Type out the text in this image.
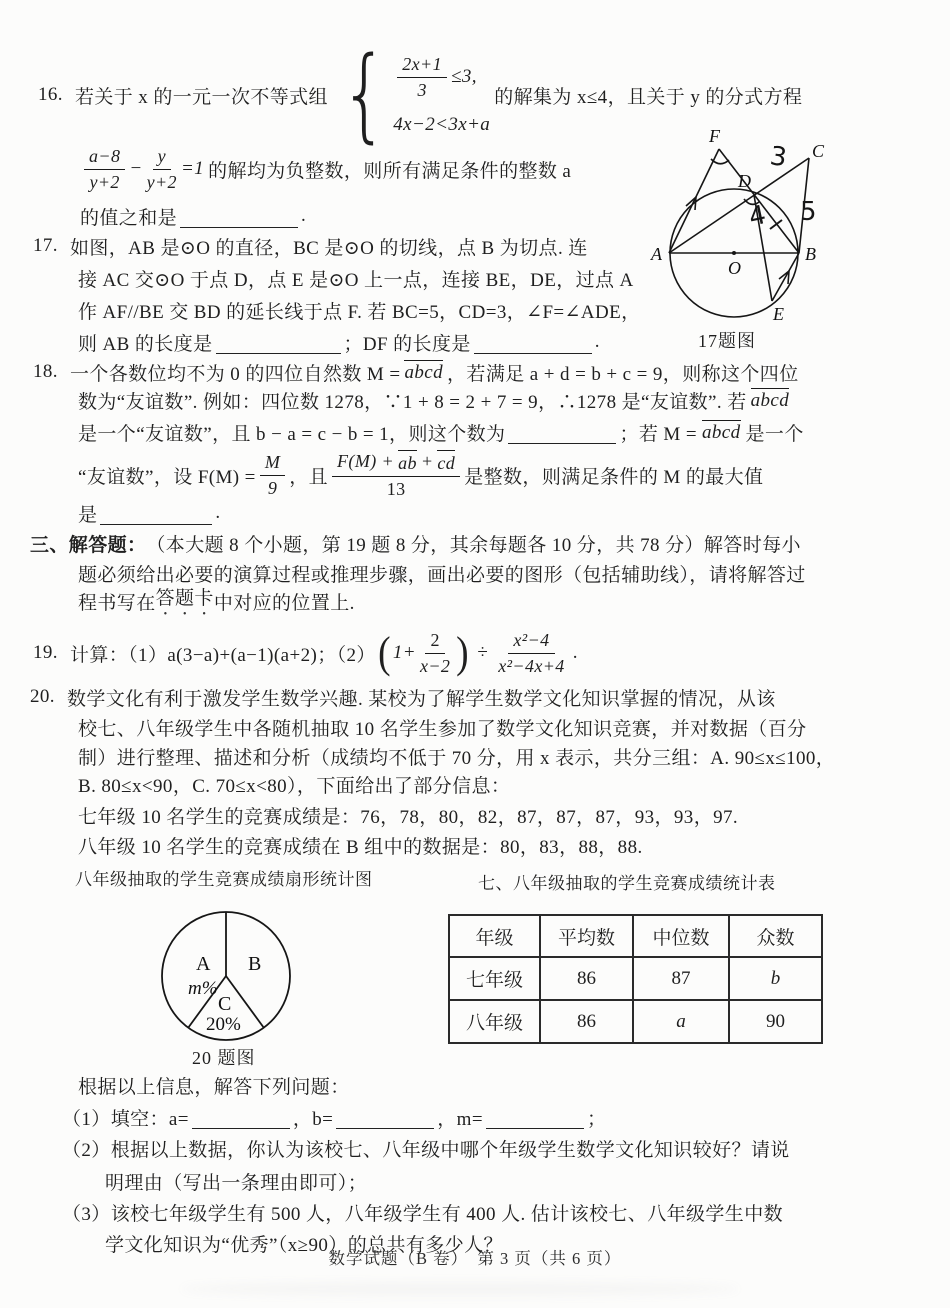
16. 若关于 x 的一元一次不等式组 { $\frac{2x+1}{3} \le 3$,
4x−2<3x+a
的解集为 x≤4，且关于 y 的分式方程
a−8
y+2
− $\frac{y}{y+2} =1$ 的解均为负整数，则所有满足条件的整数 a
的值之和是	.
17. 如图，AB 是⊙O 的直径，BC 是⊙O 的切线，点 B 为切点. 连
接 AC 交⊙O 于点 D，点 E 是⊙O 上一点，连接 BE，DE，过点 A
作 AF//BE 交 BD 的延长线于点 F. 若 BC=5，CD=3，∠F=∠ADE，
则 AB 的长度是	；DF 的长度是	.
A	B
C
D
E
F
O
3
4 5
17题图
18. 一个各数位均不为 0 的四位自然数 M = abcd ，若满足 a + d = b + c = 9，则称这个四位
数为“友谊数”. 例如：四位数 1278，∵1 + 8 = 2 + 7 = 9，∴1278 是“友谊数”. 若 abcd
是一个“友谊数”，且 b − a = c − b = 1，则这个数为	；若 M = abcd 是一个
“友谊数”，设 $F(M) = \frac{M}{9}$ ，且
F(M) + ab + cd
13
是整数，则满足条件的 M 的最大值
是	.
三、解答题： （本大题 8 个小题，第 19 题 8 分，其余每题各 10 分，共 78 分）解答时每小
题必须给出必要的演算过程或推理步骤，画出必要的图形（包括辅助线），请将解答过
程书写在 答题卡 中对应的位置上.
19. 计算：（1）a(3−a)+(a−1)(a+2)；（2） ( $1+ \frac{2}{x-2}$ ) ÷ $\frac{\text{x²−4}}{\text{x²−4x+4}}$ .
20. 数学文化有利于激发学生数学兴趣. 某校为了解学生数学文化知识掌握的情况，从该
校七、八年级学生中各随机抽取 10 名学生参加了数学文化知识竞赛，并对数据（百分
制）进行整理、描述和分析（成绩均不低于 70 分，用 x 表示，共分三组：A. 90≤x≤100，
B. 80≤x<90，C. 70≤x<80），下面给出了部分信息：
七年级 10 名学生的竞赛成绩是：76，78，80，82，87，87，87，93，93，97.
八年级 10 名学生的竞赛成绩在 B 组中的数据是：80，83，88，88.
八年级抽取的学生竞赛成绩扇形统计图	七、八年级抽取的学生竞赛成绩统计表
A
m%
B
C
20%
20 题图
年级	平均数	中位数	众数
七年级	86	87	b
八年级	86	a	90
根据以上信息，解答下列问题：
（1）填空：a=	，b=	，m=	；
（2）根据以上数据，你认为该校七、八年级中哪个年级学生数学文化知识较好？请说
明理由（写出一条理由即可）；
（3）该校七年级学生有 500 人，八年级学生有 400 人. 估计该校七、八年级学生中数
学文化知识为“优秀”（x≥90）的总共有多少人？
数学试题（B 卷）　第 3 页（共 6 页）
